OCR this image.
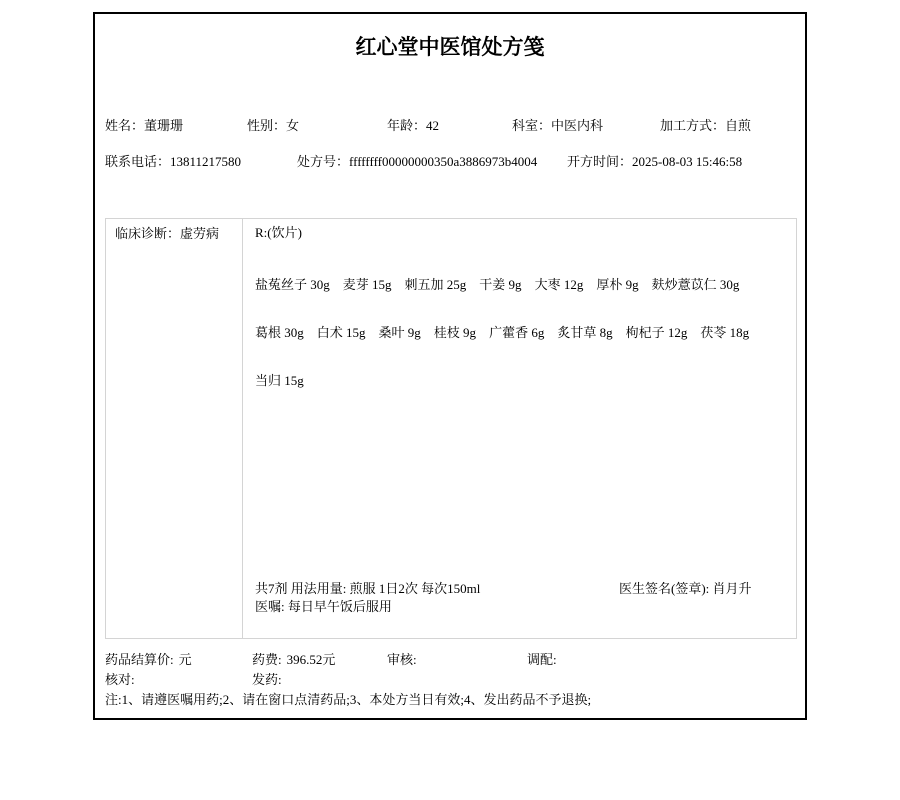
红心堂中医馆处方笺
姓名：董珊珊	性别：女	年龄：42	科室：中医内科	加工方式：自煎
联系电话：13811217580	处方号：ffffffff00000000350a3886973b4004 开方时间：2025-08-03 15:46:58
临床诊断：虚劳病	R:(饮片)
盐菟丝子 30g 麦芽 15g 刺五加 25g 干姜 9g 大枣 12g 厚朴 9g 麸炒薏苡仁 30g
葛根 30g 白术 15g 桑叶 9g 桂枝 9g 广藿香 6g 炙甘草 8g 枸杞子 12g 茯苓 18g
当归 15g
共7剂 用法用量: 煎服 1日2次 每次150ml	医生签名(签章): 肖月升
医嘱: 每日早午饭后服用
药品结算价: 元	药费: 396.52元	审核:	调配:
核对:	发药:
注:1、请遵医嘱用药;2、请在窗口点清药品;3、本处方当日有效;4、发出药品不予退换;
